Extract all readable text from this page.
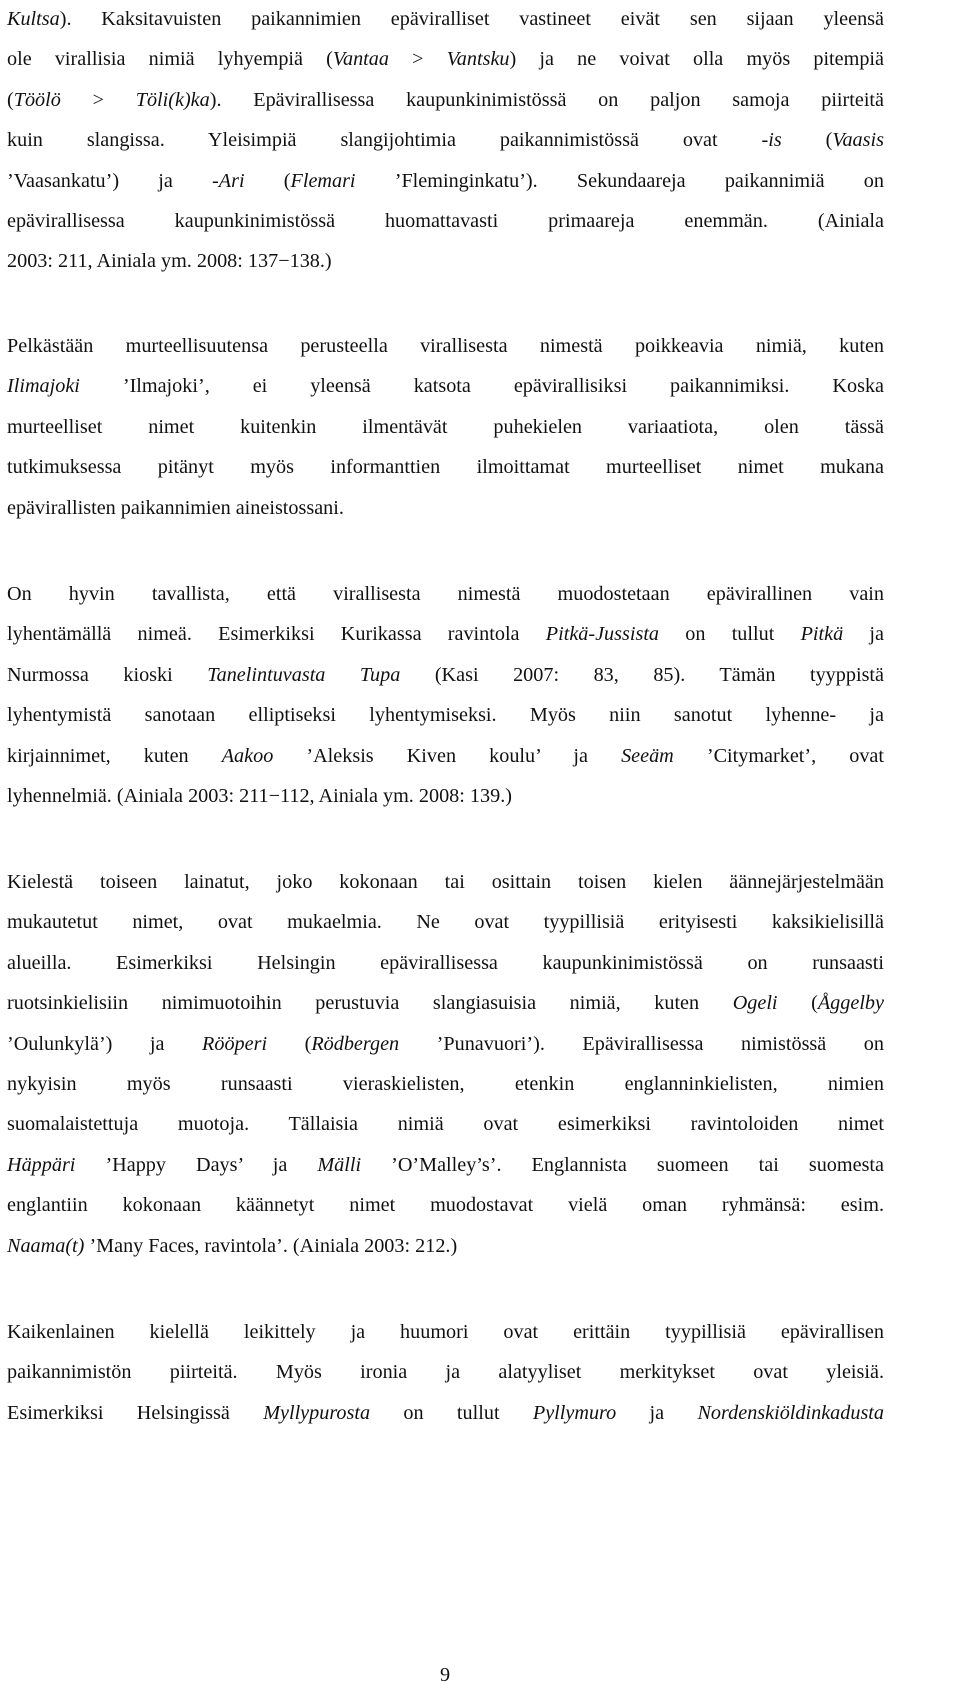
Kultsa). Kaksitavuisten paikannimien epäviralliset vastineet eivät sen sijaan yleensä
ole virallisia nimiä lyhyempiä (Vantaa > Vantsku) ja ne voivat olla myös pitempiä
(Töölö > Töli(k)ka). Epävirallisessa kaupunkinimistössä on paljon samoja piirteitä
kuin slangissa. Yleisimpiä slangijohtimia paikannimistössä ovat -is (Vaasis
’Vaasankatu’) ja -Ari (Flemari ’Fleminginkatu’). Sekundaareja paikannimiä on
epävirallisessa kaupunkinimistössä huomattavasti primaareja enemmän. (Ainiala
2003: 211, Ainiala ym. 2008: 137−138.)
Pelkästään murteellisuutensa perusteella virallisesta nimestä poikkeavia nimiä, kuten
Ilimajoki ’Ilmajoki’, ei yleensä katsota epävirallisiksi paikannimiksi. Koska
murteelliset nimet kuitenkin ilmentävät puhekielen variaatiota, olen tässä
tutkimuksessa pitänyt myös informanttien ilmoittamat murteelliset nimet mukana
epävirallisten paikannimien aineistossani.
On hyvin tavallista, että virallisesta nimestä muodostetaan epävirallinen vain
lyhentämällä nimeä. Esimerkiksi Kurikassa ravintola Pitkä-Jussista on tullut Pitkä ja
Nurmossa kioski Tanelintuvasta Tupa (Kasi 2007: 83, 85). Tämän tyyppistä
lyhentymistä sanotaan elliptiseksi lyhentymiseksi. Myös niin sanotut lyhenne- ja
kirjainnimet, kuten Aakoo ’Aleksis Kiven koulu’ ja Seeäm ’Citymarket’, ovat
lyhennelmiä. (Ainiala 2003: 211−112, Ainiala ym. 2008: 139.)
Kielestä toiseen lainatut, joko kokonaan tai osittain toisen kielen äännejärjestelmään
mukautetut nimet, ovat mukaelmia. Ne ovat tyypillisiä erityisesti kaksikielisillä
alueilla. Esimerkiksi Helsingin epävirallisessa kaupunkinimistössä on runsaasti
ruotsinkielisiin nimimuotoihin perustuvia slangiasuisia nimiä, kuten Ogeli (Åggelby
’Oulunkylä’) ja Rööperi (Rödbergen ’Punavuori’). Epävirallisessa nimistössä on
nykyisin myös runsaasti vieraskielisten, etenkin englanninkielisten, nimien
suomalaistettuja muotoja. Tällaisia nimiä ovat esimerkiksi ravintoloiden nimet
Häppäri ’Happy Days’ ja Mälli ’O’Malley’s’. Englannista suomeen tai suomesta
englantiin kokonaan käännetyt nimet muodostavat vielä oman ryhmänsä: esim.
Naama(t) ’Many Faces, ravintola’. (Ainiala 2003: 212.)
Kaikenlainen kielellä leikittely ja huumori ovat erittäin tyypillisiä epävirallisen
paikannimistön piirteitä. Myös ironia ja alatyyliset merkitykset ovat yleisiä.
Esimerkiksi Helsingissä Myllypurosta on tullut Pyllymuro ja Nordenskiöldinkadusta
9
